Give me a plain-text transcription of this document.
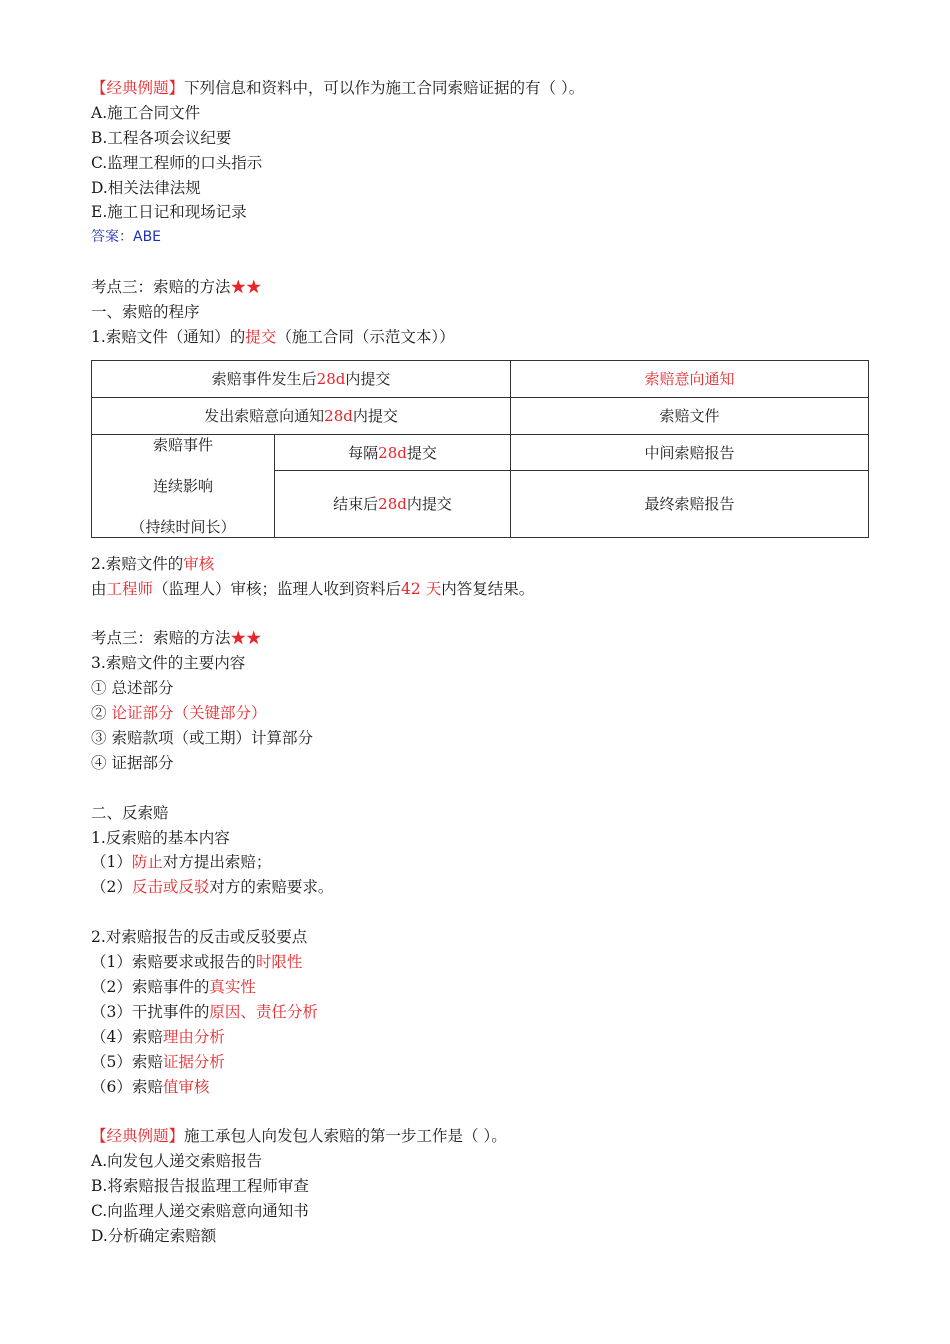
【经典例题】下列信息和资料中，可以作为施工合同索赔证据的有（ ）。
A.施工合同文件
B.工程各项会议纪要
C.监理工程师的口头指示
D.相关法律法规
E.施工日记和现场记录
答案：ABE
考点三：索赔的方法★★
一、索赔的程序
1.索赔文件（通知）的提交（施工合同（示范文本））
索赔事件发生后28d内提交		索赔意向通知
发出索赔意向通知28d内提交		索赔文件

索赔事件
连续影响
（持续时间长）	每隔28d提交	中间索赔报告
	结束后28d内提交	最终索赔报告
2.索赔文件的审核
由工程师（监理人）审核；监理人收到资料后42 天内答复结果。
考点三：索赔的方法★★
3.索赔文件的主要内容
① 总述部分
② 论证部分（关键部分）
③ 索赔款项（或工期）计算部分
④ 证据部分
二、反索赔
1.反索赔的基本内容
（1）防止对方提出索赔；
（2）反击或反驳对方的索赔要求。
2.对索赔报告的反击或反驳要点
（1）索赔要求或报告的时限性
（2）索赔事件的真实性
（3）干扰事件的原因、责任分析
（4）索赔理由分析
（5）索赔证据分析
（6）索赔值审核
【经典例题】施工承包人向发包人索赔的第一步工作是（ ）。
A.向发包人递交索赔报告
B.将索赔报告报监理工程师审查
C.向监理人递交索赔意向通知书
D.分析确定索赔额
